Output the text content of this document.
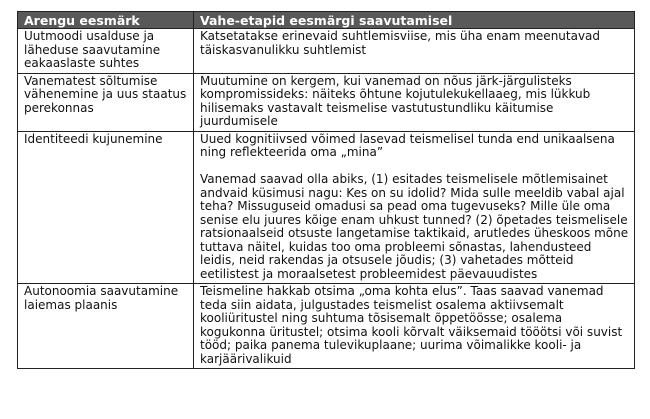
Arengu eesmärk	Vahe-etapid eesmärgi saavutamisel
Uutmoodi usalduse ja läheduse saavutamine eakaaslaste suhtes	Katsetatakse erinevaid suhtlemisviise, mis üha enam meenutavad täiskasvanulikku suhtlemist

Vanematest sõltumise vähenemine ja uus staatus perekonnas	Muutumine on kergem, kui vanemad on nõus järk-järgulisteks kompromissideks: näiteks õhtune kojutulekukellaaeg, mis lükkub hilisemaks vastavalt teismelise vastutustundliku käitumise juurdumisele

Identiteedi kujunemine	Uued kognitiivsed võimed lasevad teismelisel tunda end unikaalsena ning reflekteerida oma „mina”

Vanemad saavad olla abiks, (1) esitades teismelisele mõtlemisainet andvaid küsimusi nagu: Kes on su idolid? Mida sulle meeldib vabal ajal teha? Missuguseid omadusi sa pead oma tugevuseks? Mille üle oma senise elu juures kõige enam uhkust tunned? (2) õpetades teismelisele ratsionaalseid otsuste langetamise taktikaid, arutledes üheskoos mõne tuttava näitel, kuidas too oma probleemi sõnastas, lahendusteed leidis, neid rakendas ja otsusele jõudis; (3) vahetades mõtteid eetilistest ja moraalsetest probleemidest päevauudistes

Autonoomia saavutamine laiemas plaanis	Teismeline hakkab otsima „oma kohta elus”. Taas saavad vanemad teda siin aidata, julgustades teismelist osalema aktiivsemalt kooliüritustel ning suhtuma tõsisemalt õppetöösse; osalema kogukonna üritustel; otsima kooli kõrvalt väiksemaid tööötsi või suvist tööd; paika panema tulevikuplaane; uurima võimalikke kooli- ja karjäärivalikuid
